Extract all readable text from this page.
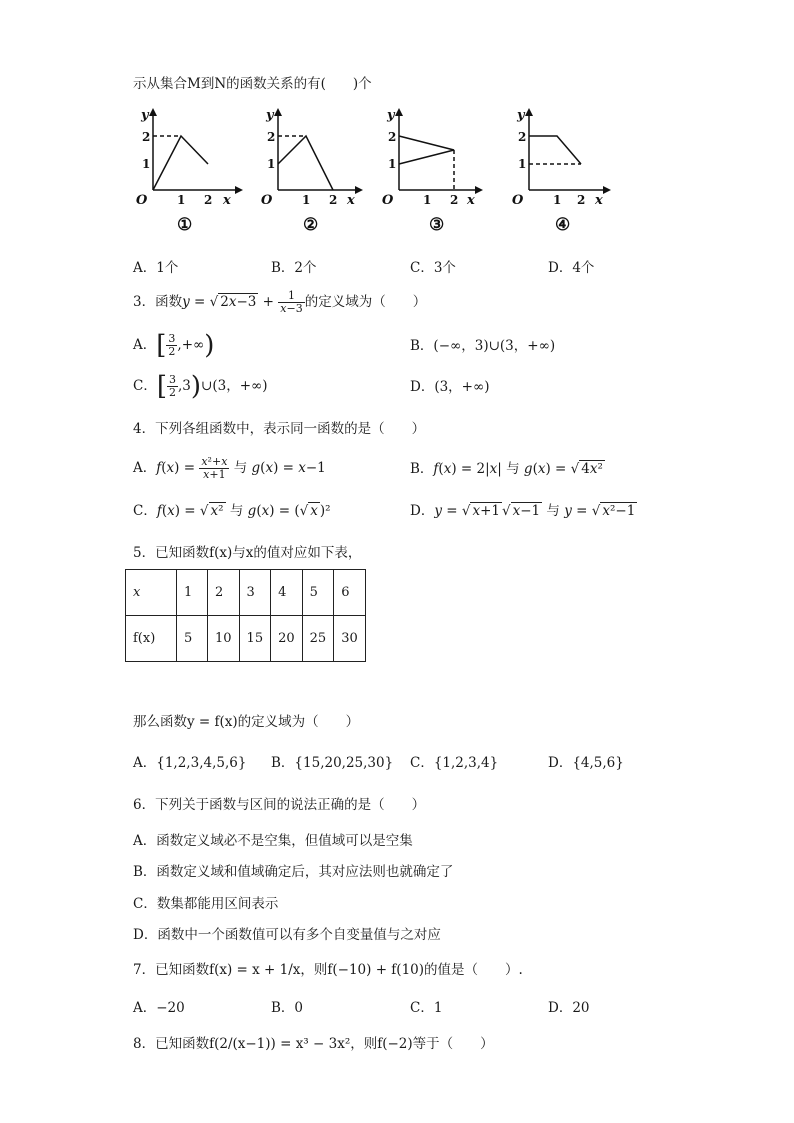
示从集合M到N的函数关系的有(　　)个
y
x
O
y
x
O
y
x
O
y
x
O
2
1
1 2
2
1
1 2
2
1
1 2
2
1
1 2
①	②	③	④
A．1个	B．2个	C．3个	D．4个
3．函数y = √ $2x-3 + \frac{1}{x-3}$ 的定义域为（　　）
A．[ $\frac{3}{2}$ ,+∞)	B．(−∞，3)∪(3，+∞)
C．[ $\frac{3}{2}$ ,3)∪(3，+∞)	D．(3，+∞)
4．下列各组函数中，表示同一函数的是（　　）
A．$f(x) = \frac{\text{x²+x}}{x+1}$ 与 g(x) = x−1	B．f(x) = 2|x| 与 g(x) = √ 4x²
C．f(x) = √ x² 与 g(x) = (√ x )²	D．y = √ x+1 √ x−1 与 y = √ x²−1
5．已知函数f(x)与x的值对应如下表，
x	1	2	3	4	5	6
f(x)	5	10	15	20	25	30
那么函数y = f(x)的定义域为（　　）
A．{1,2,3,4,5,6} B．{15,20,25,30} C．{1,2,3,4}	D．{4,5,6}
6．下列关于函数与区间的说法正确的是（　　）
A．函数定义域必不是空集，但值域可以是空集
B．函数定义域和值域确定后，其对应法则也就确定了
C．数集都能用区间表示
D．函数中一个函数值可以有多个自变量值与之对应
7．已知函数f(x) = x + 1/x，则f(−10) + f(10)的值是（　　）.
A．−20	B．0	C．1	D．20
8．已知函数f(2/(x−1)) = x³ − 3x²，则f(−2)等于（　　）
